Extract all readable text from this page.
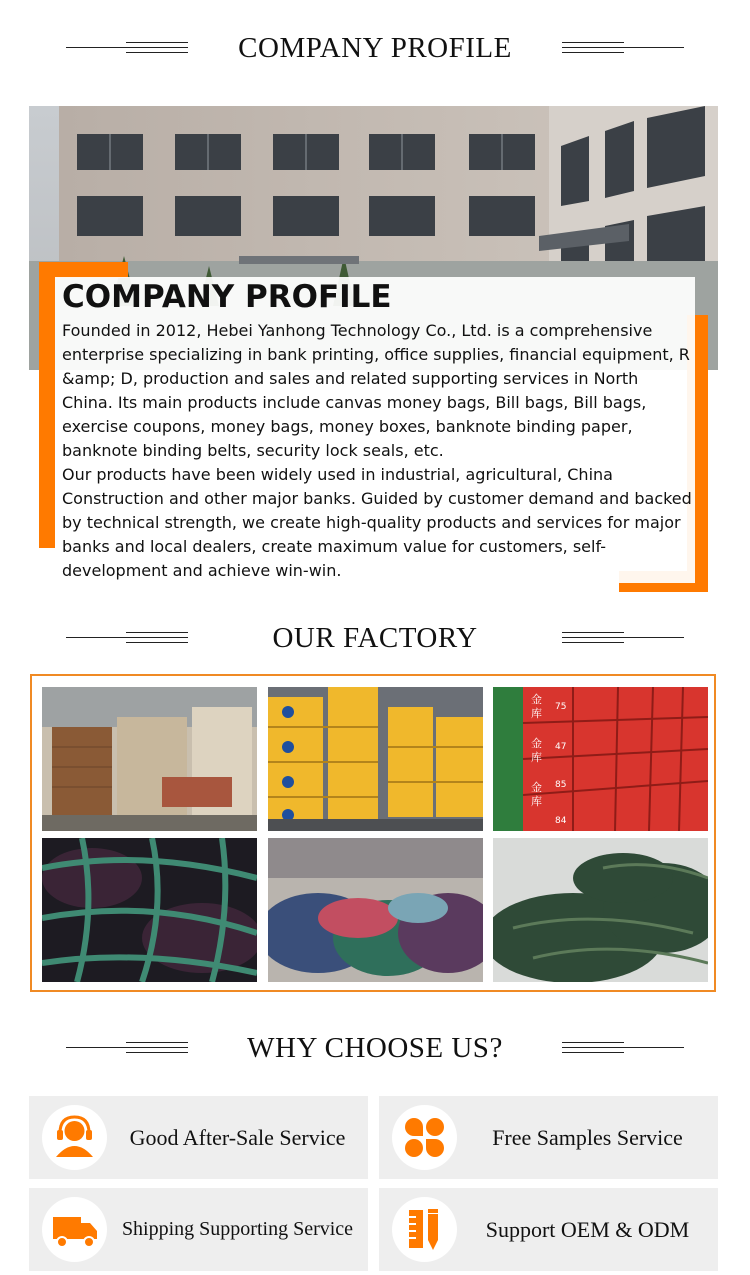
COMPANY PROFILE
COMPANY PROFILE

Founded in 2012, Hebei Yanhong Technology Co., Ltd. is a comprehensive enterprise specializing in bank printing, office supplies, financial equipment, R &amp; D, production and sales and related supporting services in North China. Its main products include canvas money bags, Bill bags, Bill bags, exercise coupons, money bags, money boxes, banknote binding paper, banknote binding belts, security lock seals, etc.

Our products have been widely used in industrial, agricultural, China Construction and other major banks. Guided by customer demand and backed by technical strength, we create high-quality products and services for major banks and local dealers, create maximum value for customers, self-development and achieve win-win.

OUR FACTORY
金
库
金
库
金
库
75
47
85
84
WHY CHOOSE US?
Good After-Sale Service	Free Samples Service
Shipping Supporting Service	Support OEM & ODM
